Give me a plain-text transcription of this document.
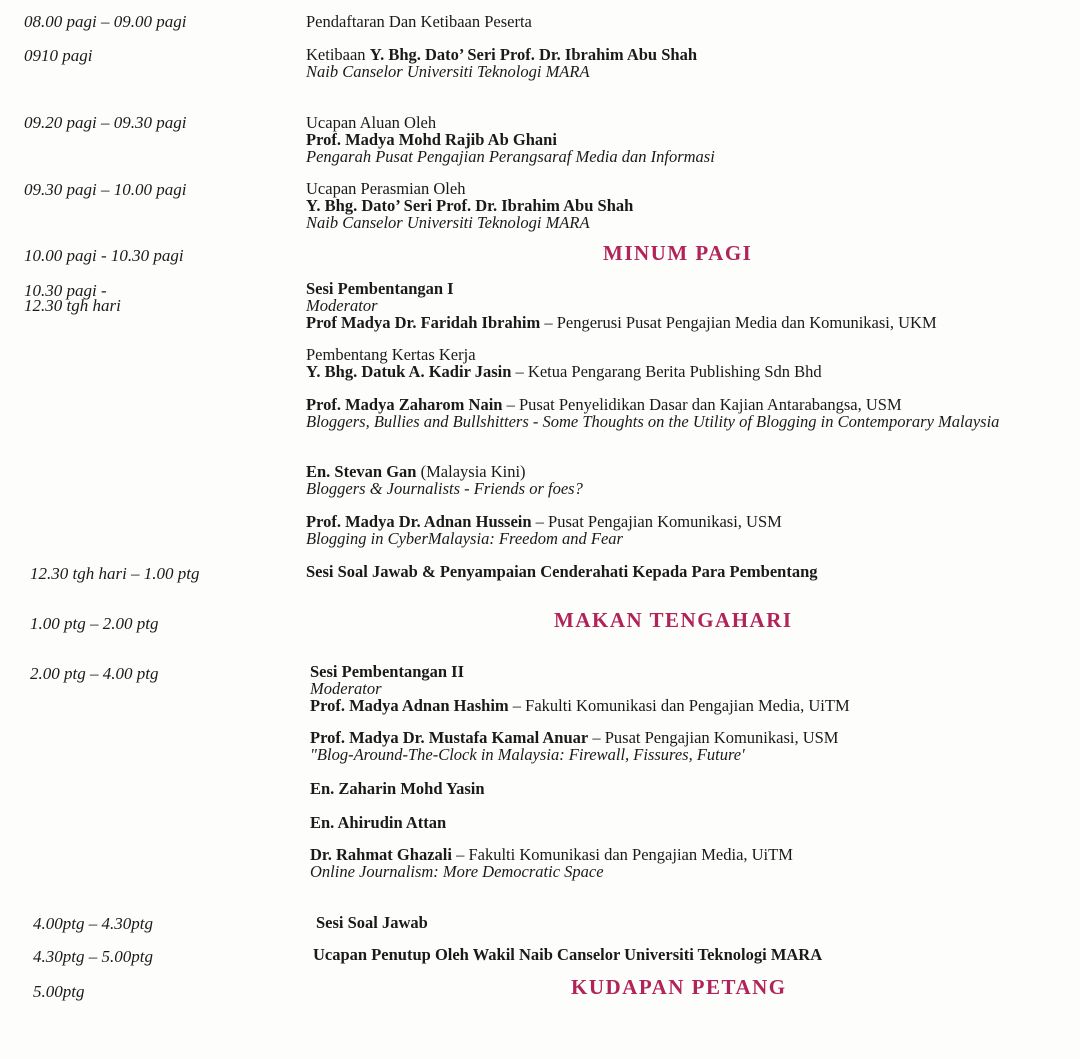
08.00 pagi – 09.00 pagi	Pendaftaran Dan Ketibaan Peserta
0910 pagi	Ketibaan Y. Bhg. Dato’ Seri Prof. Dr. Ibrahim Abu Shah
Naib Canselor Universiti Teknologi MARA
09.20 pagi – 09.30 pagi	Ucapan Aluan Oleh
Prof. Madya Mohd Rajib Ab Ghani
Pengarah Pusat Pengajian Perangsaraf Media dan Informasi
09.30 pagi – 10.00 pagi	Ucapan Perasmian Oleh
Y. Bhg. Dato’ Seri Prof. Dr. Ibrahim Abu Shah
Naib Canselor Universiti Teknologi MARA
10.00 pagi - 10.30 pagi	MINUM PAGI
10.30 pagi -
12.30 tgh hari
Sesi Pembentangan I
Moderator
Prof Madya Dr. Faridah Ibrahim – Pengerusi Pusat Pengajian Media dan Komunikasi, UKM
Pembentang Kertas Kerja
Y. Bhg. Datuk A. Kadir Jasin – Ketua Pengarang Berita Publishing Sdn Bhd
Prof. Madya Zaharom Nain – Pusat Penyelidikan Dasar dan Kajian Antarabangsa, USM
Bloggers, Bullies and Bullshitters - Some Thoughts on the Utility of Blogging in Contemporary Malaysia
En. Stevan Gan (Malaysia Kini)
Bloggers & Journalists - Friends or foes?
Prof. Madya Dr. Adnan Hussein – Pusat Pengajian Komunikasi, USM
Blogging in CyberMalaysia: Freedom and Fear
12.30 tgh hari – 1.00 ptg	Sesi Soal Jawab & Penyampaian Cenderahati Kepada Para Pembentang
1.00 ptg – 2.00 ptg	MAKAN TENGAHARI
2.00 ptg – 4.00 ptg	Sesi Pembentangan II
Moderator
Prof. Madya Adnan Hashim – Fakulti Komunikasi dan Pengajian Media, UiTM
Prof. Madya Dr. Mustafa Kamal Anuar – Pusat Pengajian Komunikasi, USM
"Blog-Around-The-Clock in Malaysia: Firewall, Fissures, Future'
En. Zaharin Mohd Yasin
En. Ahirudin Attan
Dr. Rahmat Ghazali – Fakulti Komunikasi dan Pengajian Media, UiTM
Online Journalism: More Democratic Space
4.00ptg – 4.30ptg	Sesi Soal Jawab
4.30ptg – 5.00ptg	Ucapan Penutup Oleh Wakil Naib Canselor Universiti Teknologi MARA
5.00ptg	KUDAPAN PETANG
